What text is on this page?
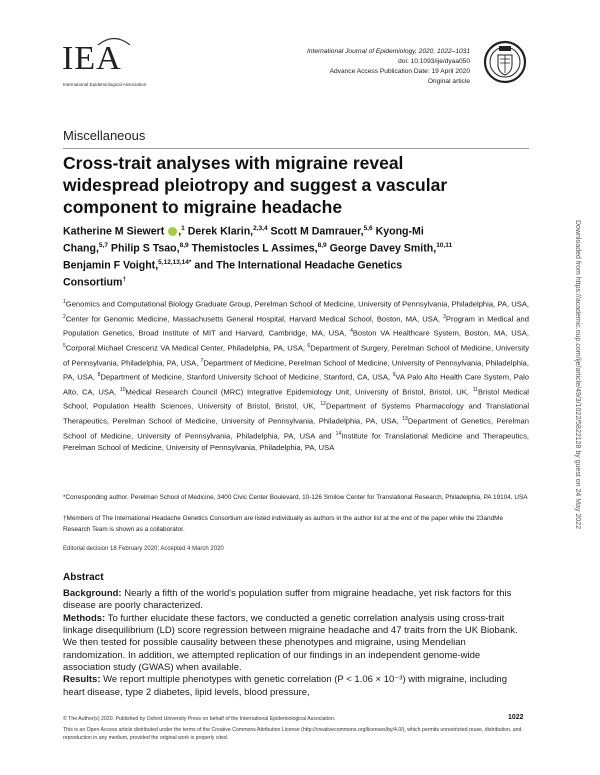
IEA
International Epidemiological Association
International Journal of Epidemiology, 2020, 1022–1031
doi: 10.1093/ije/dyaa050
Advance Access Publication Date: 19 April 2020
Original article
Miscellaneous
Cross-trait analyses with migraine reveal widespread pleiotropy and suggest a vascular component to migraine headache
Katherine M Siewert ,$^1$ Derek Klarin,$^{2,3,4}$ Scott M Damrauer,$^{5,6}$ Kyong-Mi Chang,$^{5,7}$ Philip S Tsao,$^{8,9}$ Themistocles L Assimes,$^{8,9}$ George Davey Smith,$^{10,11}$ Benjamin F Voight,$^{5,12,13,14*}$ and The International Headache Genetics Consortium†
$^1$Genomics and Computational Biology Graduate Group, Perelman School of Medicine, University of Pennsylvania, Philadelphia, PA, USA, $^2$Center for Genomic Medicine, Massachusetts General Hospital, Harvard Medical School, Boston, MA, USA, $^3$Program in Medical and Population Genetics, Broad Institute of MIT and Harvard, Cambridge, MA, USA, $^4$Boston VA Healthcare System, Boston, MA, USA, $^5$Corporal Michael Crescenz VA Medical Center, Philadelphia, PA, USA, $^6$Department of Surgery, Perelman School of Medicine, University of Pennsylvania, Philadelphia, PA, USA, $^7$Department of Medicine, Perelman School of Medicine, University of Pennsylvania, Philadelphia, PA, USA, $^8$Department of Medicine, Stanford University School of Medicine, Stanford, CA, USA, $^9$VA Palo Alto Health Care System, Palo Alto, CA, USA, $^{10}$Medical Research Council (MRC) Integrative Epidemiology Unit, University of Bristol, Bristol, UK, $^{11}$Bristol Medical School, Population Health Sciences, University of Bristol, Bristol, UK, $^{12}$Department of Systems Pharmacology and Translational Therapeutics, Perelman School of Medicine, University of Pennsylvania, Philadelphia, PA, USA, $^{13}$Department of Genetics, Perelman School of Medicine, University of Pennsylvania, Philadelphia, PA, USA and $^{14}$Institute for Translational Medicine and Therapeutics, Perelman School of Medicine, University of Pennsylvania, Philadelphia, PA, USA
*Corresponding author. Perelman School of Medicine, 3400 Civic Center Boulevard, 10-126 Smilow Center for Translational Research, Philadelphia, PA 19104, USA
†Members of The International Headache Genetics Consortium are listed individually as authors in the author list at the end of the paper while the 23andMe Research Team is shown as a collaborator.
Editorial decision 18 February 2020; Accepted 4 March 2020
Abstract

Background: Nearly a fifth of the world's population suffer from migraine headache, yet risk factors for this disease are poorly characterized.

Methods: To further elucidate these factors, we conducted a genetic correlation analysis using cross-trait linkage disequilibrium (LD) score regression between migraine headache and 47 traits from the UK Biobank. We then tested for possible causality between these phenotypes and migraine, using Mendelian randomization. In addition, we attempted replication of our findings in an independent genome-wide association study (GWAS) when available.

Results: We report multiple phenotypes with genetic correlation (P < 1.06 × 10⁻³) with migraine, including heart disease, type 2 diabetes, lipid levels, blood pressure,

© The Author(s) 2020. Published by Oxford University Press on behalf of the International Epidemiological Association.	1022
This is an Open Access article distributed under the terms of the Creative Commons Attribution License (http://creativecommons.org/licenses/by/4.0/), which permits unrestricted reuse, distribution, and reproduction in any medium, provided the original work is properly cited.
Downloaded from https://academic.oup.com/ije/article/49/3/1022/5822128 by guest on 24 May 2022
